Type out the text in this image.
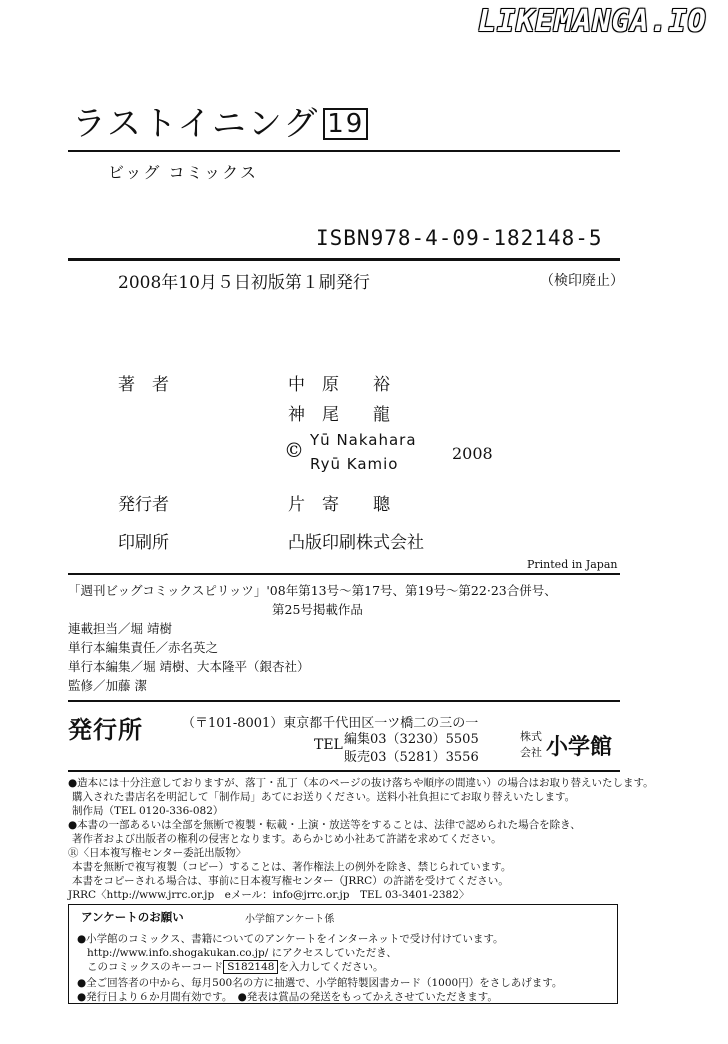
LIKEMANGA.IO
ラストイニング 19
ビッグ コミックス
ISBN978-4-09-182148-5
2008年10月５日初版第１刷発行	（検印廃止）
著　者	中　原　　裕
神　尾　　龍
© Yū Nakahara
Ryū Kamio
2008
発行者	片　寄　　聰
印刷所	凸版印刷株式会社
Printed in Japan
「週刊ビッグコミックスピリッツ」'08年第13号～第17号、第19号～第22·23合併号、
第25号掲載作品
連載担当／堀 靖樹
単行本編集責任／赤名英之
単行本編集／堀 靖樹、大本隆平（銀杏社）
監修／加藤 潔
発行所	（〒101-8001）東京都千代田区一ツ橋二の三の一
TEL 編集03（3230）5505
販売03（5281）3556
株式
会社 小学館
●造本には十分注意しておりますが、落丁・乱丁（本のページの抜け落ちや順序の間違い）の場合はお取り替えいたします。
購入された書店名を明記して「制作局」あてにお送りください。送料小社負担にてお取り替えいたします。
制作局（TEL 0120-336-082）
●本書の一部あるいは全部を無断で複製・転載・上演・放送等をすることは、法律で認められた場合を除き、
著作者および出版者の権利の侵害となります。あらかじめ小社あて許諾を求めてください。
Ⓡ〈日本複写権センター委託出版物〉
本書を無断で複写複製（コピー）することは、著作権法上の例外を除き、禁じられています。
本書をコピーされる場合は、事前に日本複写権センター（JRRC）の許諾を受けてください。
JRRC〈http://www.jrrc.or.jp　eメール：info@jrrc.or.jp　TEL 03-3401-2382〉
アンケートのお願い	小学館アンケート係
●小学館のコミックス、書籍についてのアンケートをインターネットで受け付けています。
http://www.info.shogakukan.co.jp/ にアクセスしていただき、
このコミックスのキーコード S182148 を入力してください。
●全ご回答者の中から、毎月500名の方に抽選で、小学館特製図書カード（1000円）をさしあげます。
●発行日より６か月間有効です。　●発表は賞品の発送をもってかえさせていただきます。
